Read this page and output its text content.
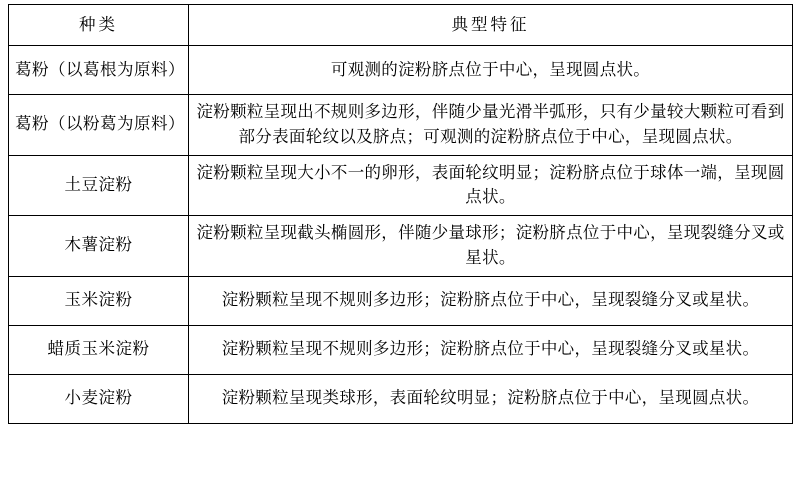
种类	典型特征
葛粉（以葛根为原料）	可观测的淀粉脐点位于中心，呈现圆点状。
葛粉（以粉葛为原料）	淀粉颗粒呈现出不规则多边形，伴随少量光滑半弧形，只有少量较大颗粒可看到部分表面轮纹以及脐点；可观测的淀粉脐点位于中心，呈现圆点状。
土豆淀粉	淀粉颗粒呈现大小不一的卵形，表面轮纹明显；淀粉脐点位于球体一端，呈现圆点状。
木薯淀粉	淀粉颗粒呈现截头椭圆形，伴随少量球形；淀粉脐点位于中心，呈现裂缝分叉或星状。
玉米淀粉	淀粉颗粒呈现不规则多边形；淀粉脐点位于中心，呈现裂缝分叉或星状。
蜡质玉米淀粉	淀粉颗粒呈现不规则多边形；淀粉脐点位于中心，呈现裂缝分叉或星状。
小麦淀粉	淀粉颗粒呈现类球形，表面轮纹明显；淀粉脐点位于中心，呈现圆点状。
